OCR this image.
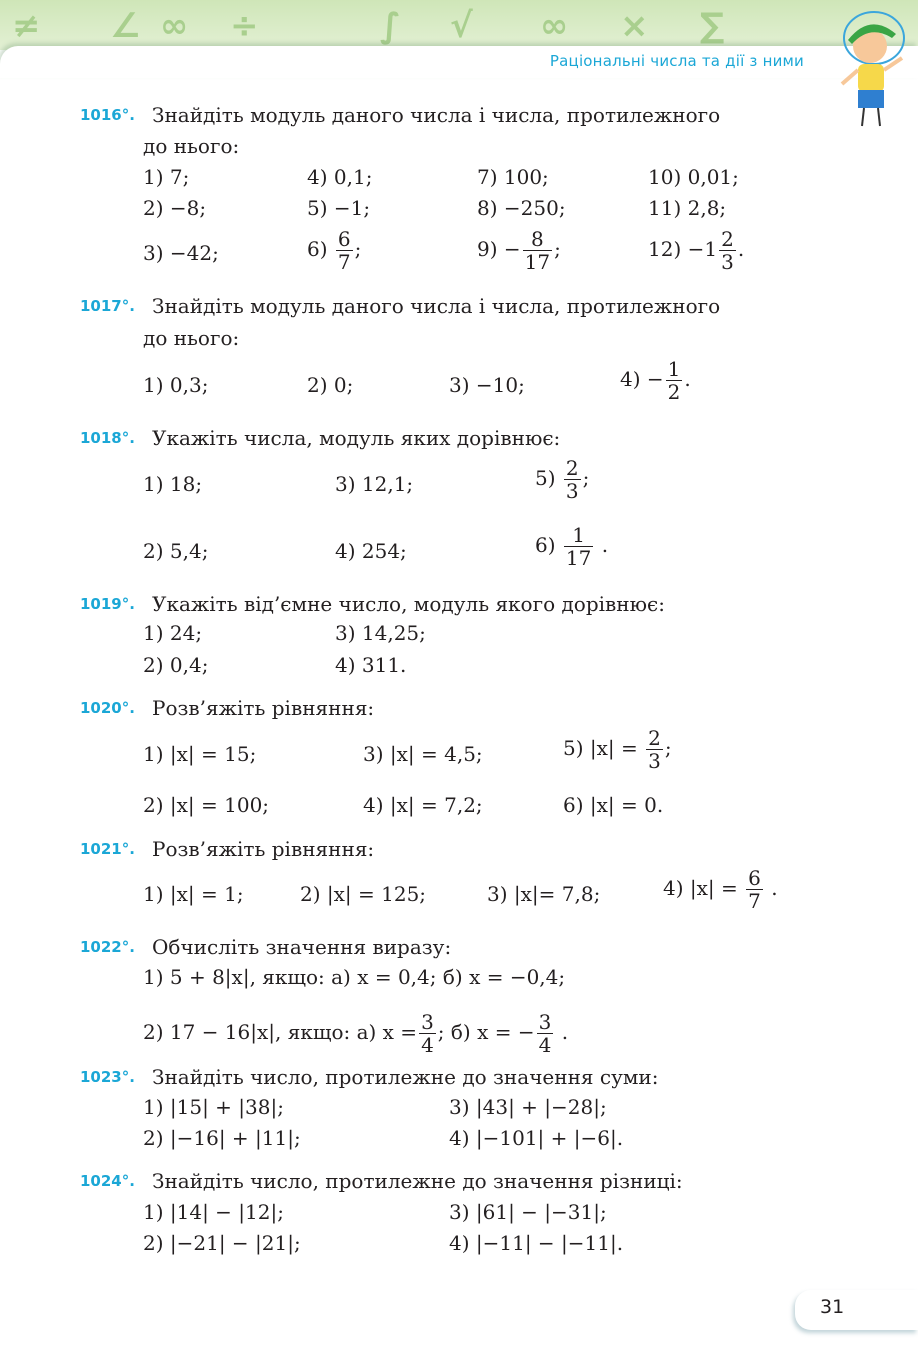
≠ ∠ ∞ ÷	∫ √ ∞ × ∑
Раціональні числа та дії з ними
1016°. Знайдіть модуль даного числа і числа, протилежного
до нього:
1) 7;
2) −8;
3) −42;
4) 0,1;
5) −1;
$6) \frac{6}{7}$ ;
7) 100;
8) −250;
$9) - \frac{8}{17}$ ;
10) 0,01;
11) 2,8;
$12) -1 \frac{2}{3}$ .
1017°. Знайдіть модуль даного числа і числа, протилежного
до нього:
1) 0,3;	2) 0;	3) −10;	$4) - \frac{1}{2}$ .
1018°. Укажіть числа, модуль яких дорівнює:
1) 18;
2) 5,4;
3) 12,1;
4) 254;
$5) \frac{2}{3}$ ;
$6) \frac{1}{17}$ .
1019°. Укажіть від’ємне число, модуль якого дорівнює:
1) 24;
2) 0,4;
3) 14,25;
4) 311.
1020°. Розв’яжіть рівняння:
1) |x| = 15;
2) |x| = 100;
3) |x| = 4,5;
4) |x| = 7,2;
5) $|x| = \frac{2}{3}$ ;
6) |x| = 0.
1021°. Розв’яжіть рівняння:
1) |x| = 1;	2) |x| = 125;	3) |x|= 7,8;	4) $|x| = \frac{6}{7}$ .
1022°. Обчисліть значення виразу:
1) 5 + 8|x|, якщо: а) x = 0,4; б) x = −0,4;
2) 17 − 16|x|, якщо: а) $x = \frac{3}{4}$ ; б) x = − $\frac{3}{4}$ .
1023°. Знайдіть число, протилежне до значення суми:
1) |15| + |38|;
2) |−16| + |11|;
3) |43| + |−28|;
4) |−101| + |−6|.
1024°. Знайдіть число, протилежне до значення різниці:
1) |14| − |12|;
2) |−21| − |21|;
3) |61| − |−31|;
4) |−11| − |−11|.
31
